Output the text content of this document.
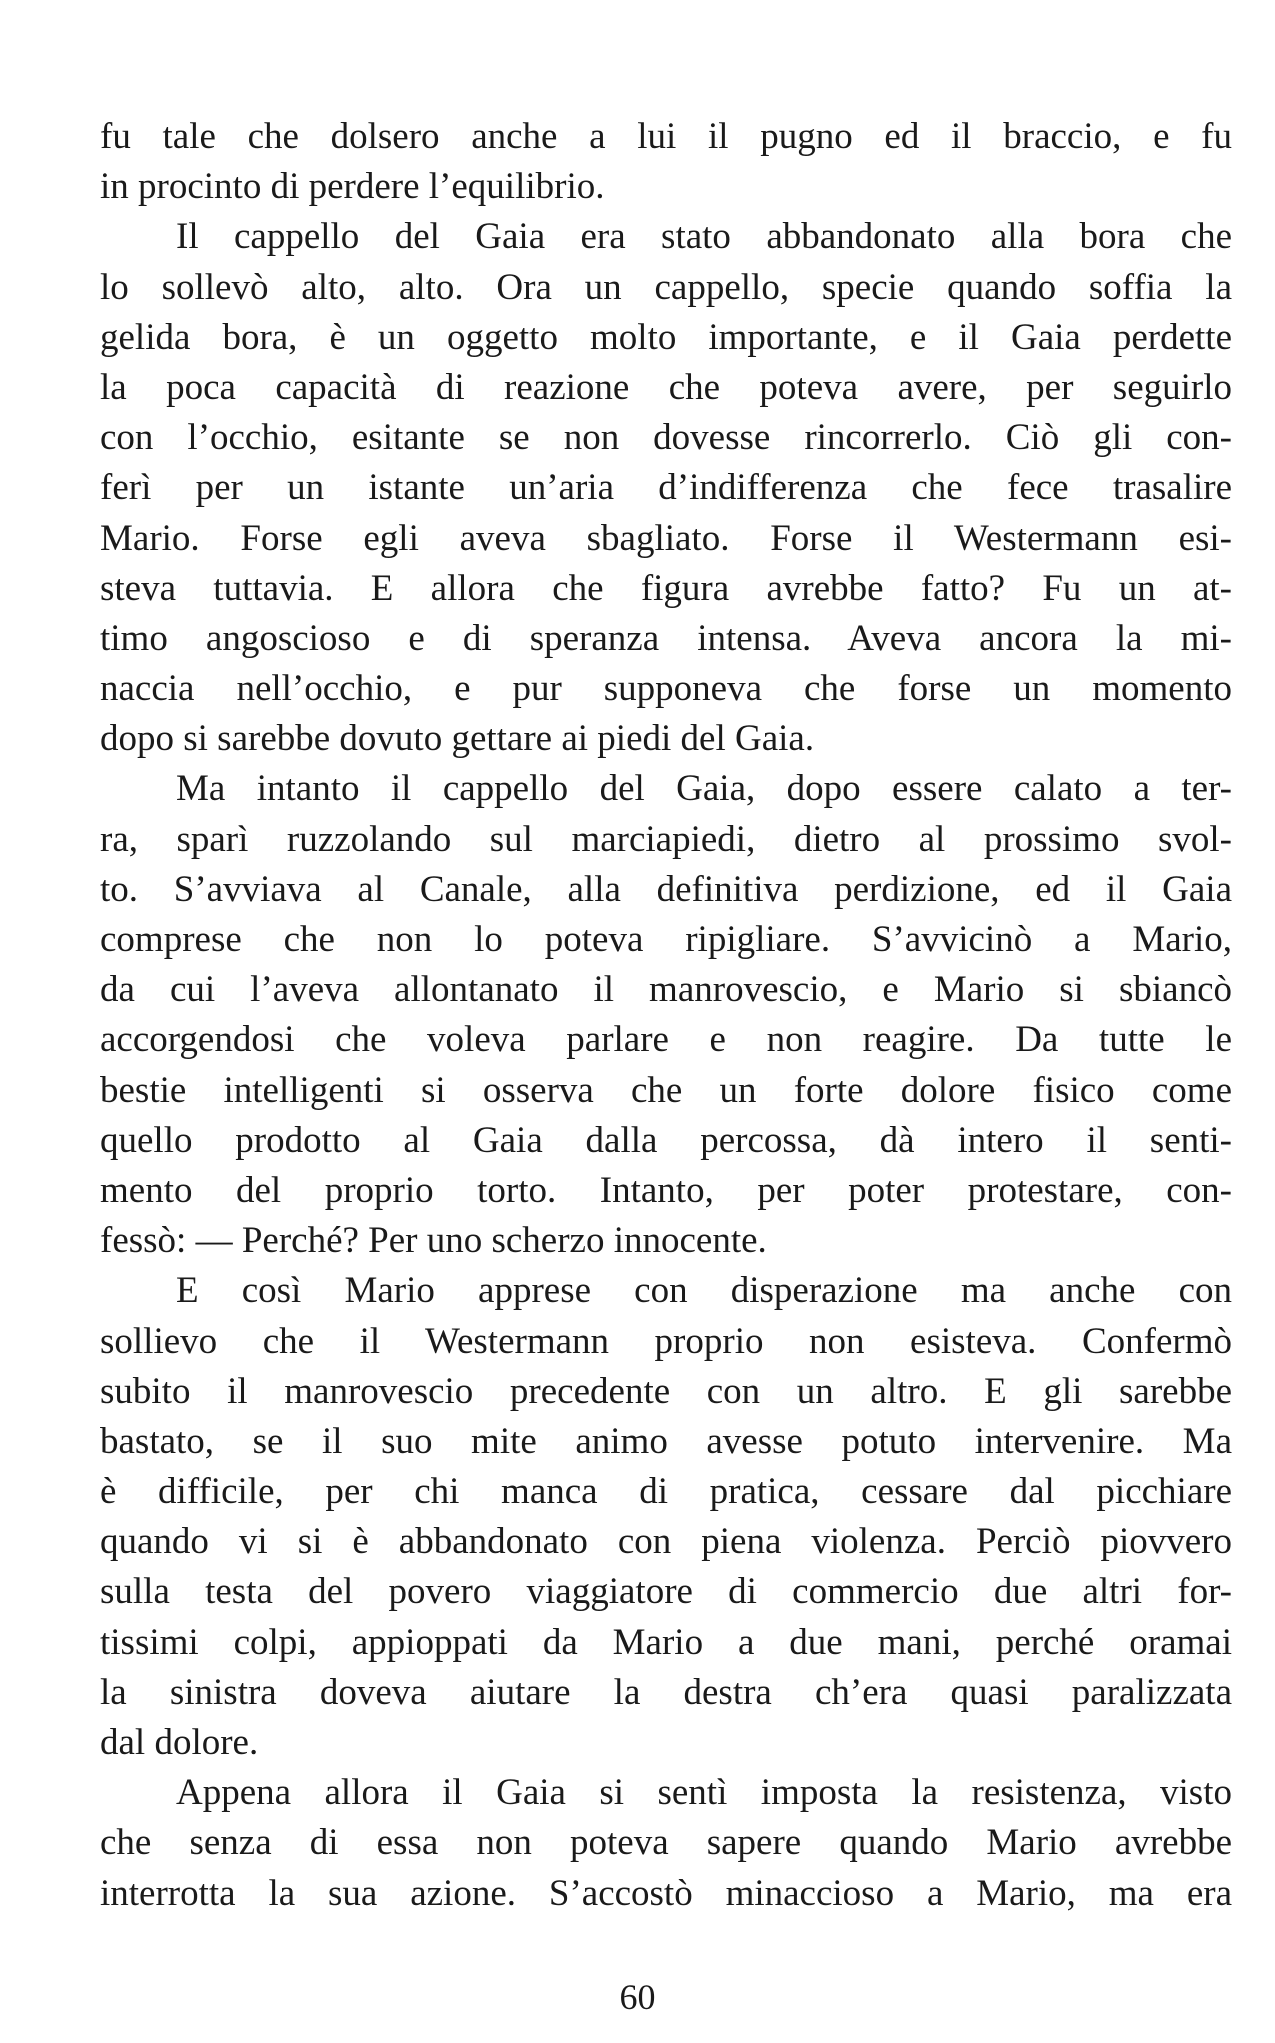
fu tale che dolsero anche a lui il pugno ed il braccio, e fu
in procinto di perdere l’equilibrio.
Il cappello del Gaia era stato abbandonato alla bora che
lo sollevò alto, alto. Ora un cappello, specie quando soffia la
gelida bora, è un oggetto molto importante, e il Gaia perdette
la poca capacità di reazione che poteva avere, per seguirlo
con l’occhio, esitante se non dovesse rincorrerlo. Ciò gli con-
ferì per un istante un’aria d’indifferenza che fece trasalire
Mario. Forse egli aveva sbagliato. Forse il Westermann esi-
steva tuttavia. E allora che figura avrebbe fatto? Fu un at-
timo angoscioso e di speranza intensa. Aveva ancora la mi-
naccia nell’occhio, e pur supponeva che forse un momento
dopo si sarebbe dovuto gettare ai piedi del Gaia.
Ma intanto il cappello del Gaia, dopo essere calato a ter-
ra, sparì ruzzolando sul marciapiedi, dietro al prossimo svol-
to. S’avviava al Canale, alla definitiva perdizione, ed il Gaia
comprese che non lo poteva ripigliare. S’avvicinò a Mario,
da cui l’aveva allontanato il manrovescio, e Mario si sbiancò
accorgendosi che voleva parlare e non reagire. Da tutte le
bestie intelligenti si osserva che un forte dolore fisico come
quello prodotto al Gaia dalla percossa, dà intero il senti-
mento del proprio torto. Intanto, per poter protestare, con-
fessò: — Perché? Per uno scherzo innocente.
E così Mario apprese con disperazione ma anche con
sollievo che il Westermann proprio non esisteva. Confermò
subito il manrovescio precedente con un altro. E gli sarebbe
bastato, se il suo mite animo avesse potuto intervenire. Ma
è difficile, per chi manca di pratica, cessare dal picchiare
quando vi si è abbandonato con piena violenza. Perciò piovvero
sulla testa del povero viaggiatore di commercio due altri for-
tissimi colpi, appioppati da Mario a due mani, perché oramai
la sinistra doveva aiutare la destra ch’era quasi paralizzata
dal dolore.
Appena allora il Gaia si sentì imposta la resistenza, visto
che senza di essa non poteva sapere quando Mario avrebbe
interrotta la sua azione. S’accostò minaccioso a Mario, ma era
60
